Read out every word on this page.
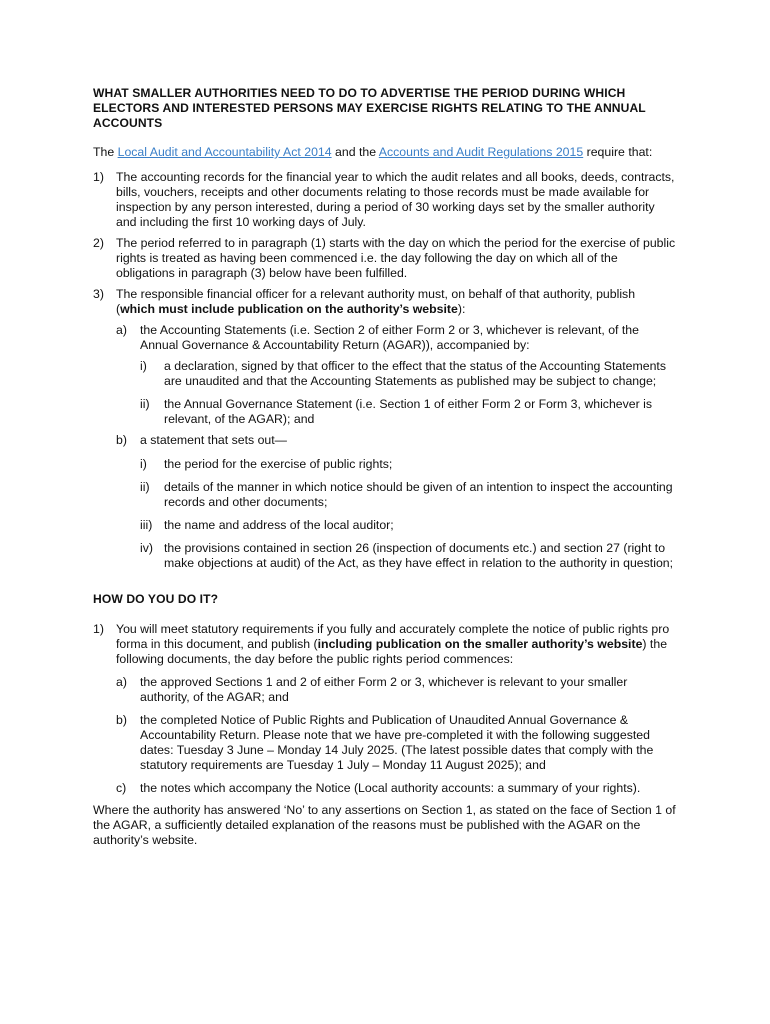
WHAT SMALLER AUTHORITIES NEED TO DO TO ADVERTISE THE PERIOD DURING WHICH ELECTORS AND INTERESTED PERSONS MAY EXERCISE RIGHTS RELATING TO THE ANNUAL ACCOUNTS
The Local Audit and Accountability Act 2014 and the Accounts and Audit Regulations 2015 require that:
1) The accounting records for the financial year to which the audit relates and all books, deeds, contracts, bills, vouchers, receipts and other documents relating to those records must be made available for inspection by any person interested, during a period of 30 working days set by the smaller authority and including the first 10 working days of July.
2) The period referred to in paragraph (1) starts with the day on which the period for the exercise of public rights is treated as having been commenced i.e. the day following the day on which all of the obligations in paragraph (3) below have been fulfilled.
3) The responsible financial officer for a relevant authority must, on behalf of that authority, publish (which must include publication on the authority’s website):
a) the Accounting Statements (i.e. Section 2 of either Form 2 or 3, whichever is relevant, of the Annual Governance & Accountability Return (AGAR)), accompanied by:
i) a declaration, signed by that officer to the effect that the status of the Accounting Statements are unaudited and that the Accounting Statements as published may be subject to change;
ii) the Annual Governance Statement (i.e. Section 1 of either Form 2 or Form 3, whichever is relevant, of the AGAR); and
b) a statement that sets out—
i) the period for the exercise of public rights;
ii) details of the manner in which notice should be given of an intention to inspect the accounting records and other documents;
iii) the name and address of the local auditor;
iv) the provisions contained in section 26 (inspection of documents etc.) and section 27 (right to make objections at audit) of the Act, as they have effect in relation to the authority in question;
HOW DO YOU DO IT?
1) You will meet statutory requirements if you fully and accurately complete the notice of public rights pro forma in this document, and publish (including publication on the smaller authority’s website) the following documents, the day before the public rights period commences:
a) the approved Sections 1 and 2 of either Form 2 or 3, whichever is relevant to your smaller authority, of the AGAR; and
b) the completed Notice of Public Rights and Publication of Unaudited Annual Governance & Accountability Return. Please note that we have pre-completed it with the following suggested dates: Tuesday 3 June – Monday 14 July 2025. (The latest possible dates that comply with the statutory requirements are Tuesday 1 July – Monday 11 August 2025); and
c) the notes which accompany the Notice (Local authority accounts: a summary of your rights).
Where the authority has answered ‘No’ to any assertions on Section 1, as stated on the face of Section 1 of the AGAR, a sufficiently detailed explanation of the reasons must be published with the AGAR on the authority’s website.
